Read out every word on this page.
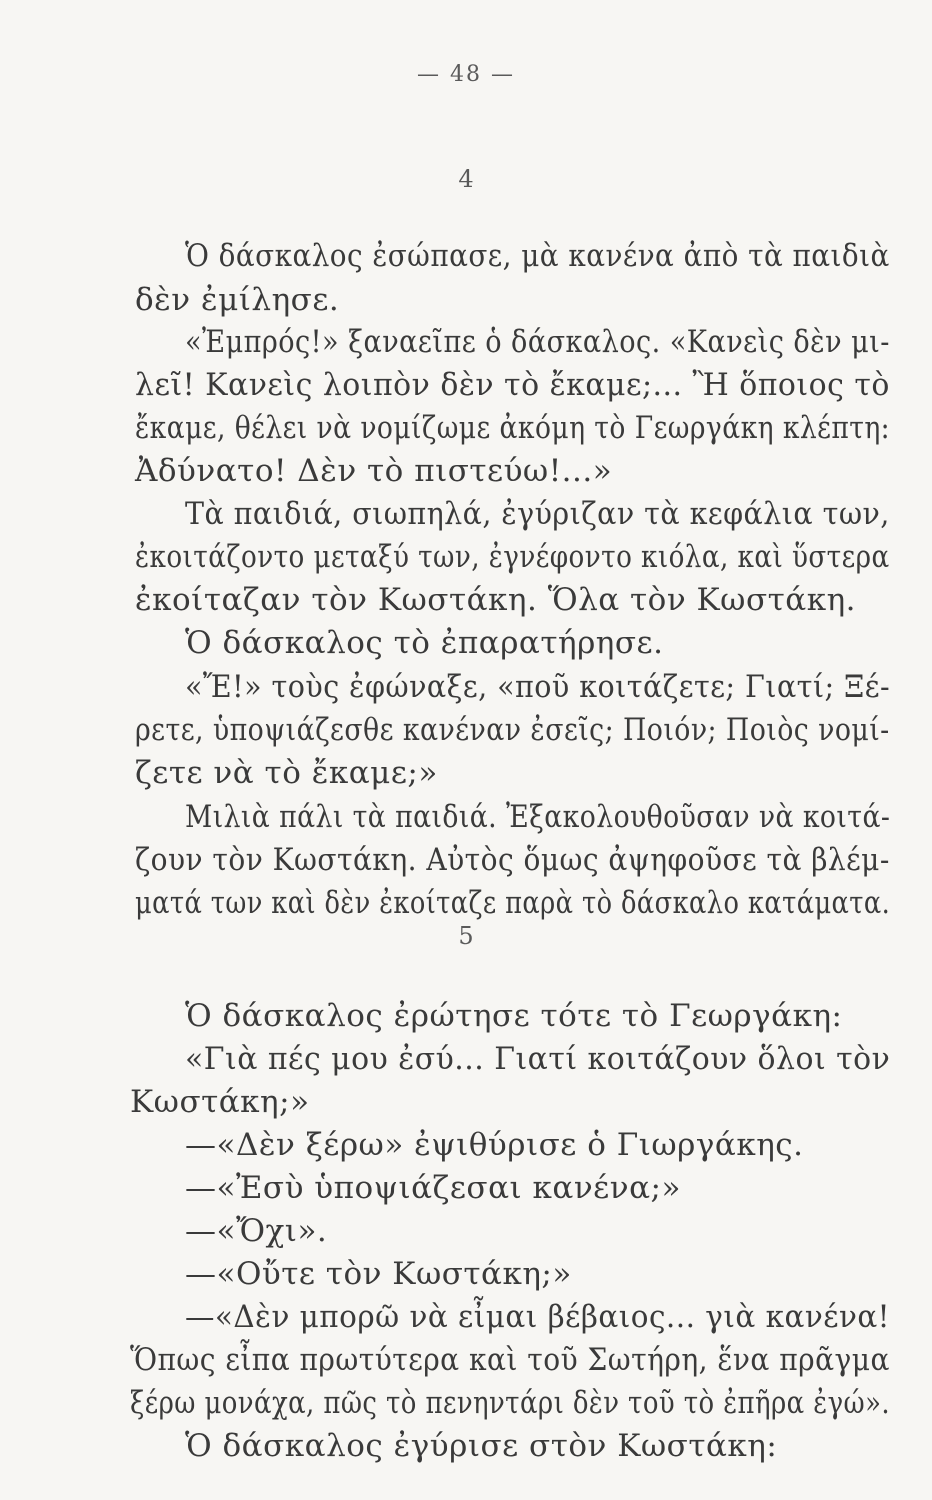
— 48 —
4
Ὁ δάσκαλος ἐσώπασε, μὰ κανένα ἀπὸ τὰ παιδιὰ
δὲν ἐμίλησε.
«Ἐμπρός!» ξαναεῖπε ὁ δάσκαλος. «Κανεὶς δὲν μι-
λεῖ! Κανεὶς λοιπὸν δὲν τὸ ἔκαμε;... Ἢ ὅποιος τὸ
ἔκαμε, θέλει νὰ νομίζωμε ἀκόμη τὸ Γεωργάκη κλέπτη:
Ἀδύνατο! Δὲν τὸ πιστεύω!...»
Τὰ παιδιά, σιωπηλά, ἐγύριζαν τὰ κεφάλια των,
ἐκοιτάζοντο μεταξύ των, ἐγνέφοντο κιόλα, καὶ ὕστερα
ἐκοίταζαν τὸν Κωστάκη. Ὅλα τὸν Κωστάκη.
Ὁ δάσκαλος τὸ ἐπαρατήρησε.
«Ἔ!» τοὺς ἐφώναξε, «ποῦ κοιτάζετε; Γιατί; Ξέ-
ρετε, ὑποψιάζεσθε κανέναν ἐσεῖς; Ποιόν; Ποιὸς νομί-
ζετε νὰ τὸ ἔκαμε;»
Μιλιὰ πάλι τὰ παιδιά. Ἐξακολουθοῦσαν νὰ κοιτά-
ζουν τὸν Κωστάκη. Αὐτὸς ὅμως ἀψηφοῦσε τὰ βλέμ-
ματά των καὶ δὲν ἐκοίταζε παρὰ τὸ δάσκαλο κατάματα.
5
Ὁ δάσκαλος ἐρώτησε τότε τὸ Γεωργάκη:
«Γιὰ πές μου ἐσύ... Γιατί κοιτάζουν ὅλοι τὸν
Κωστάκη;»
—«Δὲν ξέρω» ἐψιθύρισε ὁ Γιωργάκης.
—«Ἐσὺ ὑποψιάζεσαι κανένα;»
—«Ὄχι».
—«Οὔτε τὸν Κωστάκη;»
—«Δὲν μπορῶ νὰ εἶμαι βέβαιος... γιὰ κανένα!
Ὅπως εἶπα πρωτύτερα καὶ τοῦ Σωτήρη, ἕνα πρᾶγμα
ξέρω μονάχα, πῶς τὸ πενηντάρι δὲν τοῦ τὸ ἐπῆρα ἐγώ».
Ὁ δάσκαλος ἐγύρισε στὸν Κωστάκη:
